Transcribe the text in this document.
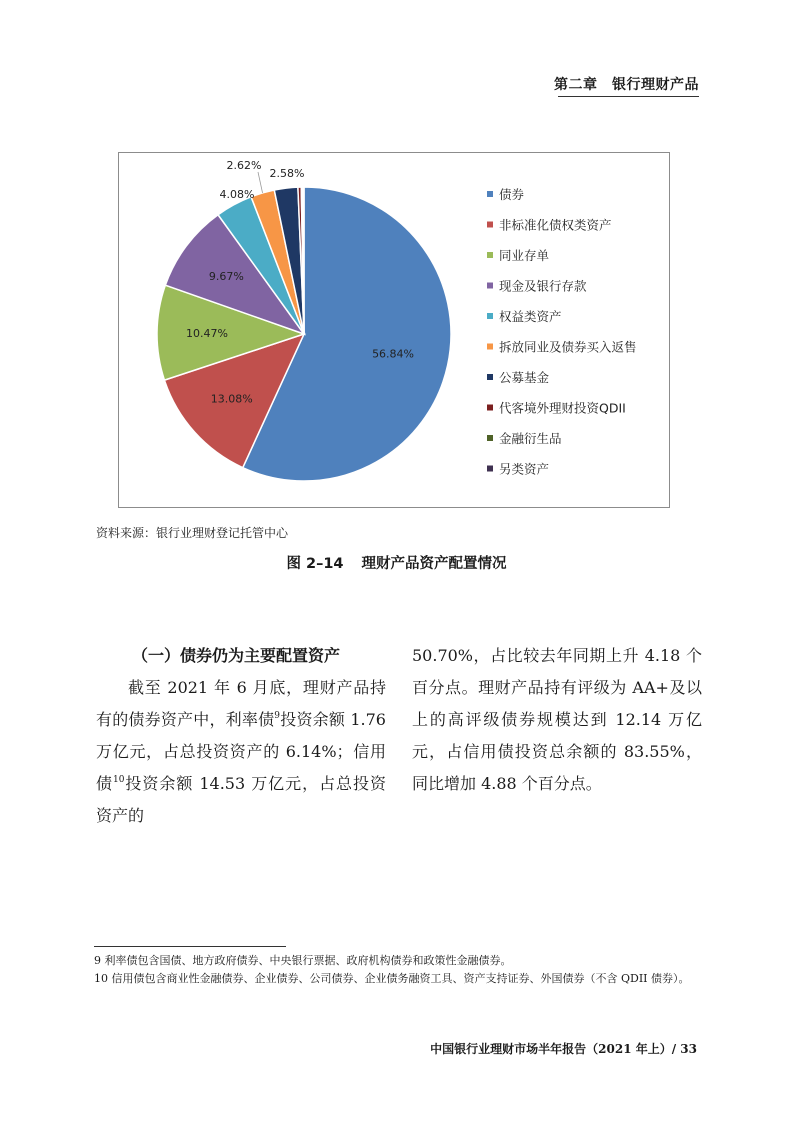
第二章　银行理财产品
56.84%
13.08%
10.47%
9.67%
4.08%
2.62%
2.58%
债券
非标准化债权类资产
同业存单
现金及银行存款
权益类资产
拆放同业及债券买入返售
公募基金
代客境外理财投资QDII
金融衍生品
另类资产
资料来源：银行业理财登记托管中心
图 2–14 理财产品资产配置情况
（一）债券仍为主要配置资产

截至 2021 年 6 月底，理财产品持有的债券资产中，利率债$^9$投资余额 1.76 万亿元，占总投资资产的 6.14%；信用债$^{10}$投资余额 14.53 万亿元，占总投资资产的

50.70%，占比较去年同期上升 4.18 个百分点。理财产品持有评级为 AA+及以上的高评级债券规模达到 12.14 万亿元，占信用债投资总余额的 83.55%，同比增加 4.88 个百分点。

9 利率债包含国债、地方政府债券、中央银行票据、政府机构债券和政策性金融债券。
10 信用债包含商业性金融债券、企业债券、公司债券、企业债务融资工具、资产支持证券、外国债券（不含 QDII 债券）。
中国银行业理财市场半年报告（2021 年上）/ 33
